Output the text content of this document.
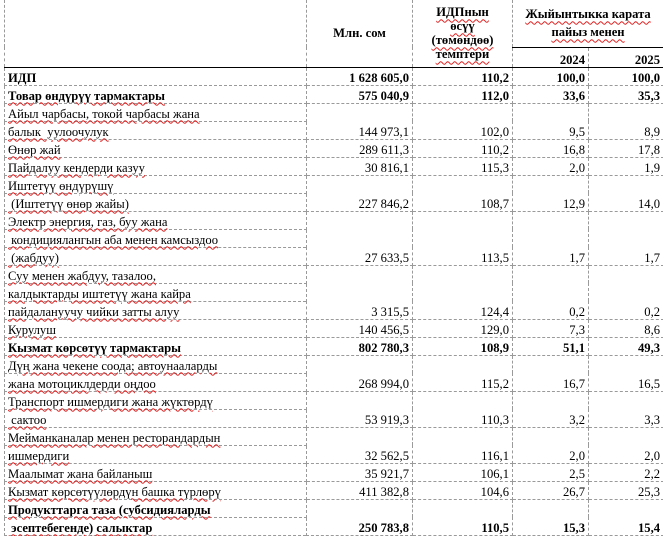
	Млн. сом	ИДПнын
өсүү
(төмөндөө)
темптери	Жыйынтыкка карата
пайыз менен	
			2024	2025
ИДП	1 628 605,0	110,2	100,0	100,0
Товар өндүрүү тармактары	575 040,9	112,0	33,6	35,3
Айыл чарбасы, токой чарбасы жана	144 973,1	102,0	9,5	8,9
балык  уулоочулук				
Өнөр жай	289 611,3	110,2	16,8	17,8
Пайдалуу кендерди казуу	30 816,1	115,3	2,0	1,9
Иштетүү өндүрүшү	227 846,2	108,7	12,9	14,0
(Иштетүү өнөр жайы)				
Электр энергия, газ, буу жана	27 633,5	113,5	1,7	1,7
кондициялангын аба менен камсыздоо				
(жабдуу)				
Суу менен жабдуу, тазалоо,	3 315,5	124,4	0,2	0,2
калдыктарды иштетүү жана кайра				
пайдалануучу чийки затты алуу				
Курулуш	140 456,5	129,0	7,3	8,6
Кызмат көрсөтүү тармактары	802 780,3	108,9	51,1	49,3
Дүң жана чекене соода; автоунааларды	268 994,0	115,2	16,7	16,5
жана мотоциклдерди оңдоо				
Транспорт ишмердиги жана жүктөрдү	53 919,3	110,3	3,2	3,3
сактоо				
Мейманканалар менен ресторандардын	32 562,5	116,1	2,0	2,0
ишмердиги				
Маалымат жана байланыш	35 921,7	106,1	2,5	2,2
Кызмат көрсөтүүлөрдүн башка түрлөрү	411 382,8	104,6	26,7	25,3
Продукттарга таза (субсидияларды	250 783,8	110,5	15,3	15,4
эсептебегенде) салыктар				
